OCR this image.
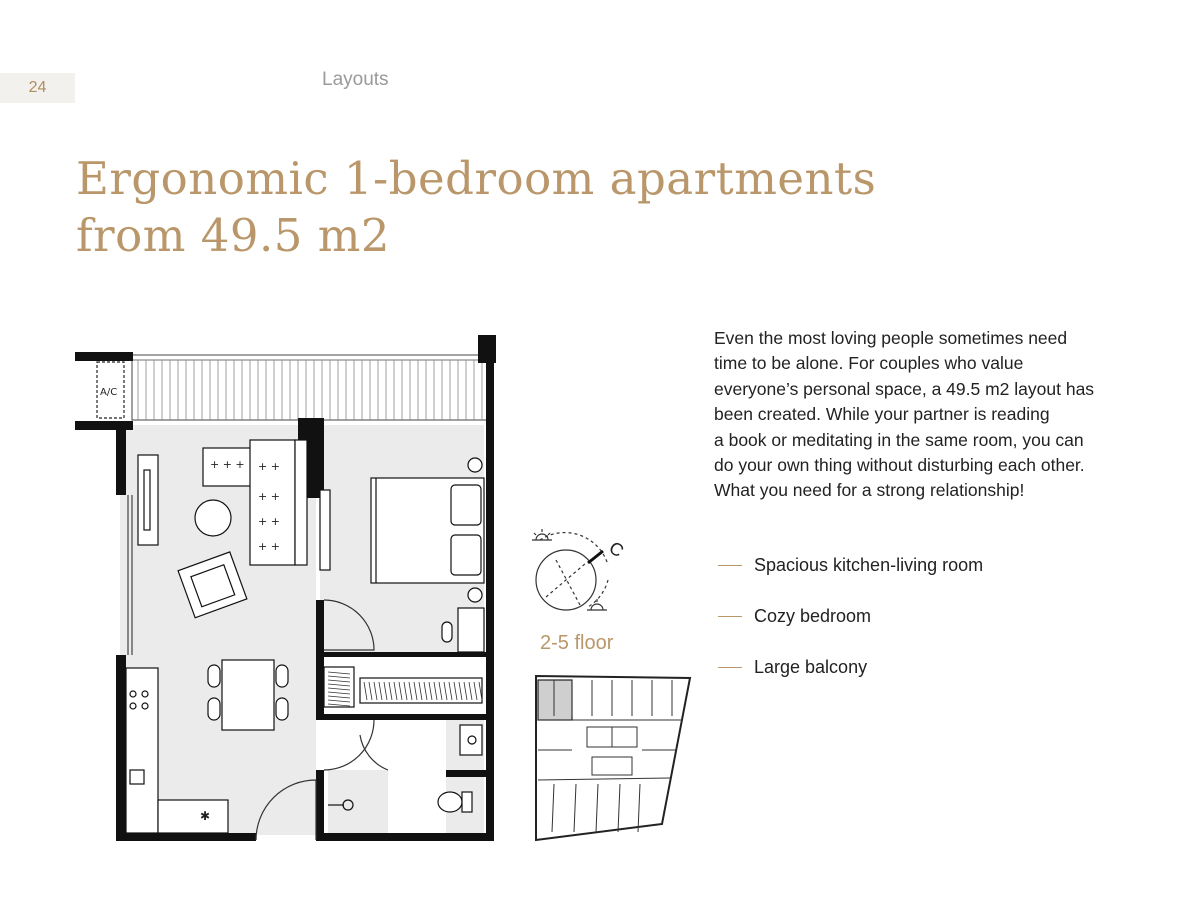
24	Layouts
Ergonomic 1-bedroom apartments
from 49.5 m2
A/C
+ + + + +
+ +
+ +
+ +
✱
C
2-5 floor
Even the most loving people sometimes need
time to be alone. For couples who value
everyone’s personal space, a 49.5 m2 layout has
been created. While your partner is reading
a book or meditating in the same room, you can
do your own thing without disturbing each other.
What you need for a strong relationship!
Spacious kitchen-living room
Cozy bedroom
Large balcony
